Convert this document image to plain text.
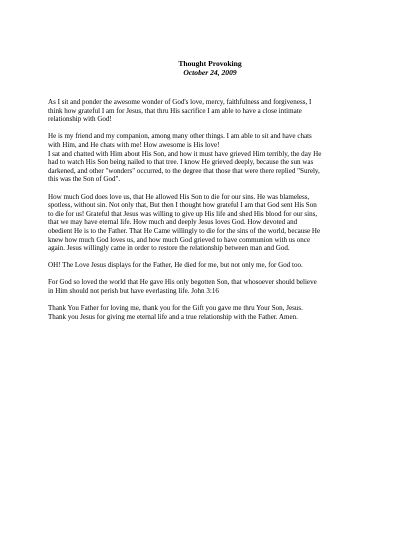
Thought Provoking
October 24, 2009

As I sit and ponder the awesome wonder of God's love, mercy, faithfulness and forgiveness, I
think how grateful I am for Jesus, that thru His sacrifice I am able to have a close intimate
relationship with God!

He is my friend and my companion, among many other things. I am able to sit and have chats
with Him, and He chats with me! How awesome is His love!
I sat and chatted with Him about His Son, and how it must have grieved Him terribly, the day He
had to watch His Son being nailed to that tree. I know He grieved deeply, because the sun was
darkened, and other "wonders" occurred, to the degree that those that were there replied "Surely,
this was the Son of God".

How much God does love us, that He allowed His Son to die for our sins. He was blameless,
spotless, without sin. Not only that, But then I thought how grateful I am that God sent His Son
to die for us! Grateful that Jesus was willing to give up His life and shed His blood for our sins,
that we may have eternal life. How much and deeply Jesus loves God. How devoted and
obedient He is to the Father. That He Came willingly to die for the sins of the world, because He
knew how much God loves us, and how much God grieved to have communion with us once
again. Jesus willingly came in order to restore the relationship between man and God.

OH! The Love Jesus displays for the Father, He died for me, but not only me, for God too.

For God so loved the world that He gave His only begotten Son, that whosoever should believe
in Him should not perish but have everlasting life. John 3:16

Thank You Father for loving me, thank you for the Gift you gave me thru Your Son, Jesus.
Thank you Jesus for giving me eternal life and a true relationship with the Father. Amen.
